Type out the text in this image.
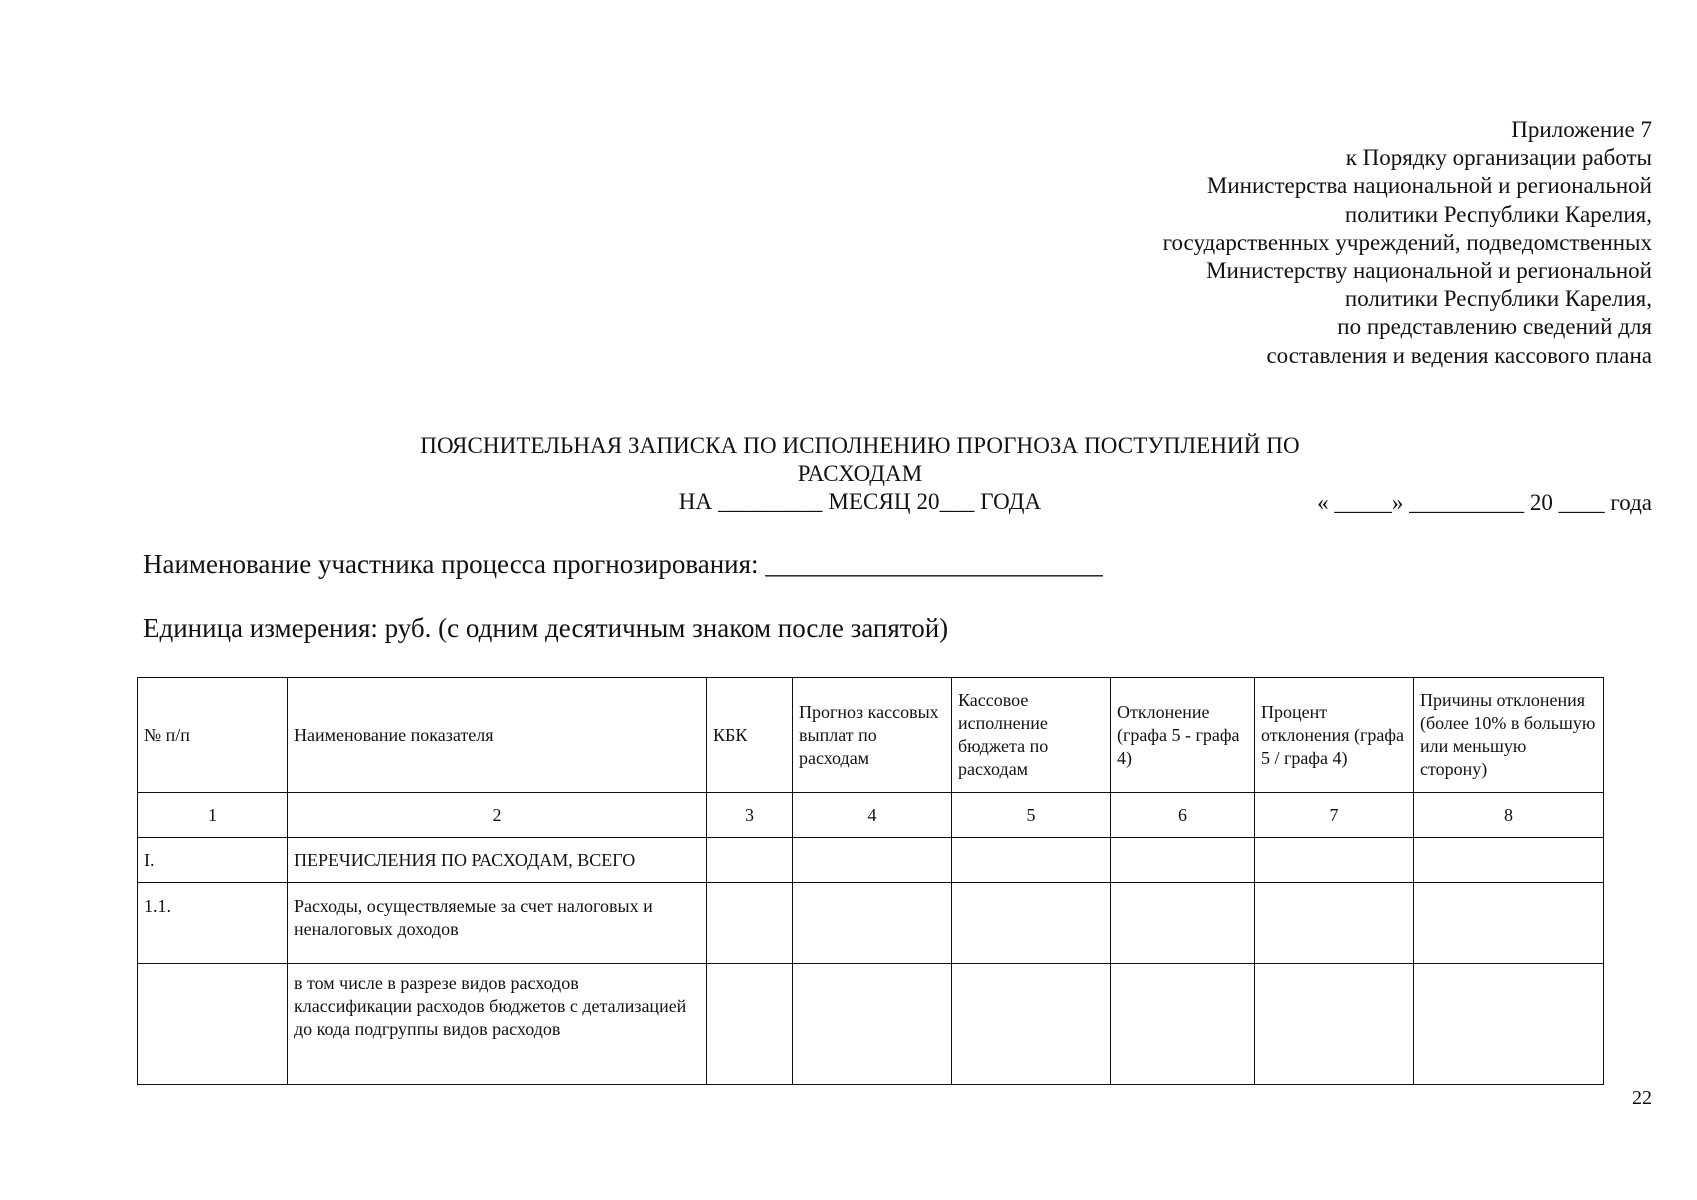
Приложение 7
к Порядку организации работы
Министерства национальной и региональной
политики Республики Карелия,
государственных учреждений, подведомственных
Министерству национальной и региональной
политики Республики Карелия,
по представлению сведений для
составления и ведения кассового плана
ПОЯСНИТЕЛЬНАЯ ЗАПИСКА ПО ИСПОЛНЕНИЮ ПРОГНОЗА ПОСТУПЛЕНИЙ ПО РАСХОДАМ
НА _________ МЕСЯЦ 20___ ГОДА	« _____» __________ 20 ____ года
Наименование участника процесса прогнозирования: _________________________
Единица измерения: руб. (с одним десятичным знаком после запятой)
№ п/п	Наименование показателя	КБК	Прогноз кассовых выплат по расходам	Кассовое исполнение бюджета по расходам	Отклонение (графа 5 - графа 4)	Процент отклонения (графа 5 / графа 4)	Причины отклонения (более 10% в большую или меньшую сторону)
1	2	3	4	5	6	7	8
I.	ПЕРЕЧИСЛЕНИЯ ПО РАСХОДАМ, ВСЕГО						
1.1.	Расходы, осуществляемые за счет налоговых и неналоговых доходов						
	в том числе в разрезе видов расходов классификации расходов бюджетов с детализацией до кода подгруппы видов расходов						
22
